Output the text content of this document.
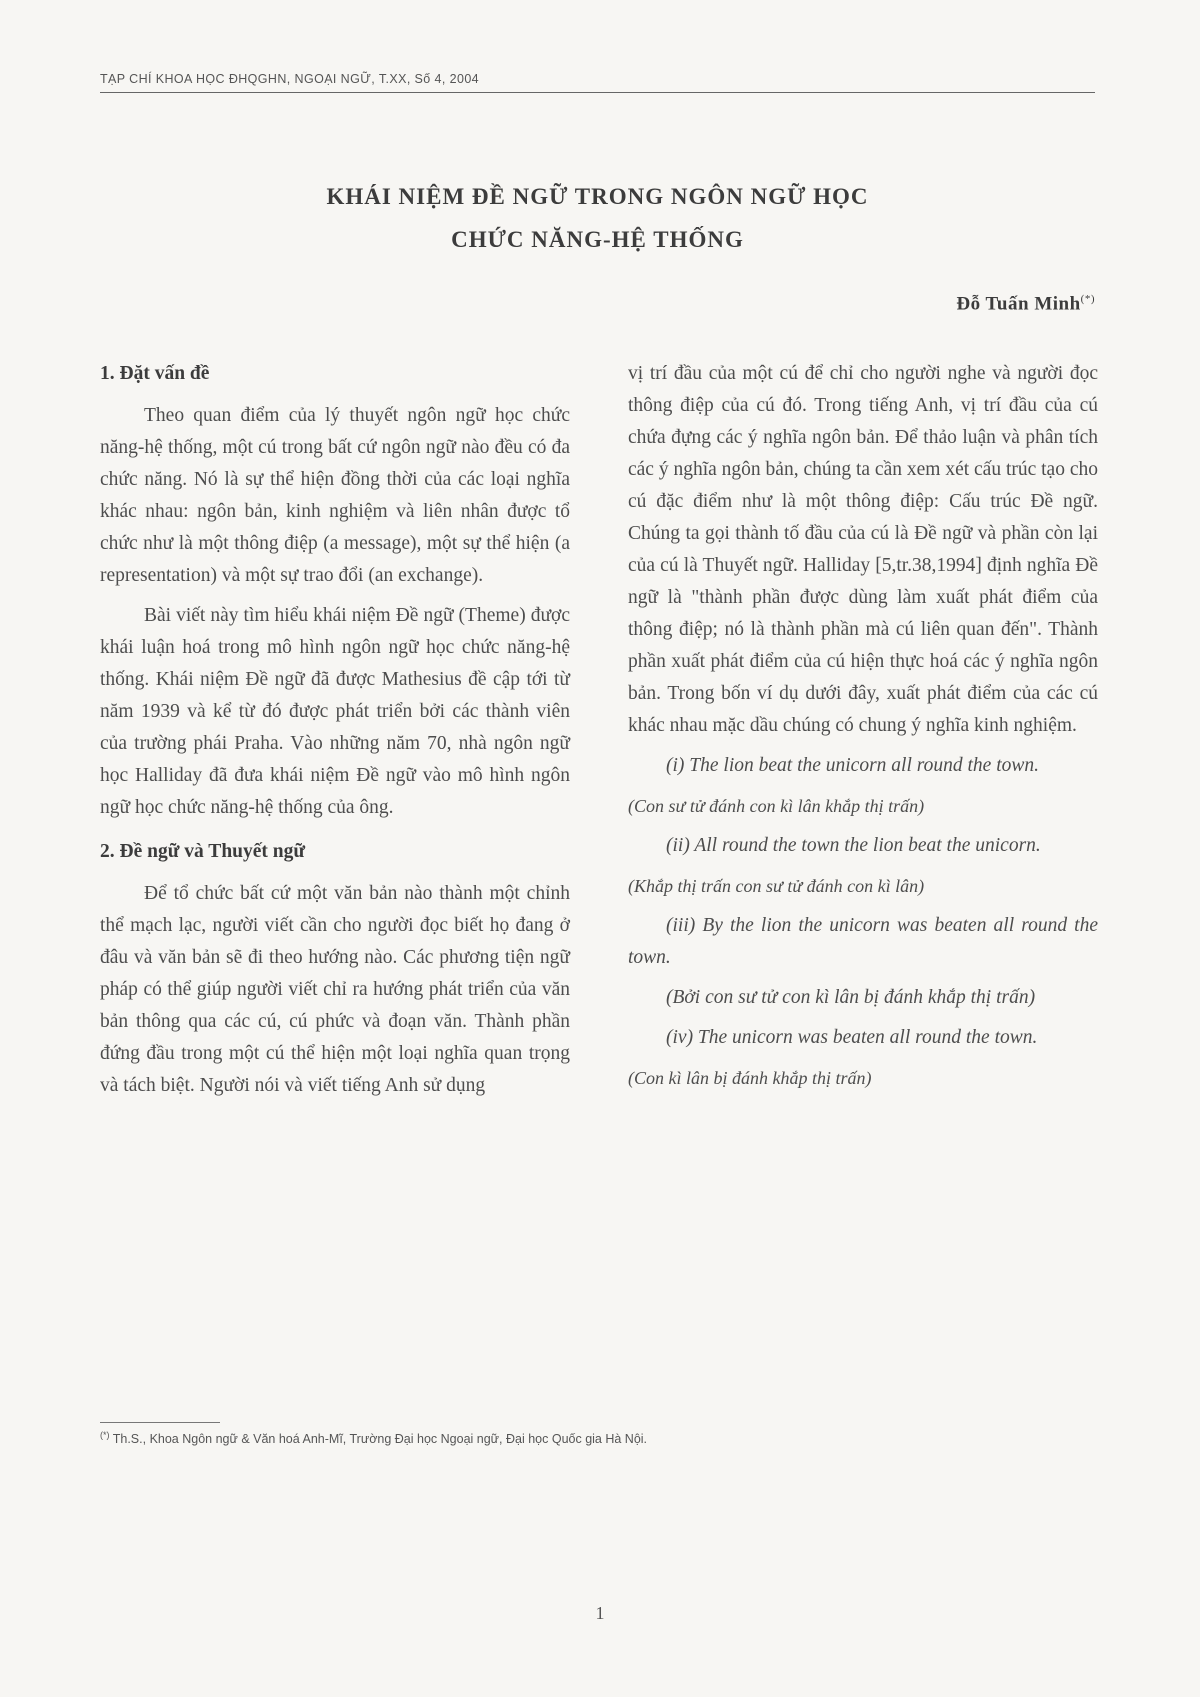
TẠP CHÍ KHOA HỌC ĐHQGHN, NGOẠI NGỮ, T.XX, Số 4, 2004
KHÁI NIỆM ĐỀ NGỮ TRONG NGÔN NGỮ HỌC
CHỨC NĂNG-HỆ THỐNG
Đỗ Tuấn Minh(*)
1. Đặt vấn đề

Theo quan điểm của lý thuyết ngôn ngữ học chức năng-hệ thống, một cú trong bất cứ ngôn ngữ nào đều có đa chức năng. Nó là sự thể hiện đồng thời của các loại nghĩa khác nhau: ngôn bản, kinh nghiệm và liên nhân được tổ chức như là một thông điệp (a message), một sự thể hiện (a representation) và một sự trao đổi (an exchange).

Bài viết này tìm hiểu khái niệm Đề ngữ (Theme) được khái luận hoá trong mô hình ngôn ngữ học chức năng-hệ thống. Khái niệm Đề ngữ đã được Mathesius đề cập tới từ năm 1939 và kể từ đó được phát triển bởi các thành viên của trường phái Praha. Vào những năm 70, nhà ngôn ngữ học Halliday đã đưa khái niệm Đề ngữ vào mô hình ngôn ngữ học chức năng-hệ thống của ông.

2. Đề ngữ và Thuyết ngữ

Để tổ chức bất cứ một văn bản nào thành một chỉnh thể mạch lạc, người viết cần cho người đọc biết họ đang ở đâu và văn bản sẽ đi theo hướng nào. Các phương tiện ngữ pháp có thể giúp người viết chỉ ra hướng phát triển của văn bản thông qua các cú, cú phức và đoạn văn. Thành phần đứng đầu trong một cú thể hiện một loại nghĩa quan trọng và tách biệt. Người nói và viết tiếng Anh sử dụng

vị trí đầu của một cú để chỉ cho người nghe và người đọc thông điệp của cú đó. Trong tiếng Anh, vị trí đầu của cú chứa đựng các ý nghĩa ngôn bản. Để thảo luận và phân tích các ý nghĩa ngôn bản, chúng ta cần xem xét cấu trúc tạo cho cú đặc điểm như là một thông điệp: Cấu trúc Đề ngữ. Chúng ta gọi thành tố đầu của cú là Đề ngữ và phần còn lại của cú là Thuyết ngữ. Halliday [5,tr.38,1994] định nghĩa Đề ngữ là "thành phần được dùng làm xuất phát điểm của thông điệp; nó là thành phần mà cú liên quan đến". Thành phần xuất phát điểm của cú hiện thực hoá các ý nghĩa ngôn bản. Trong bốn ví dụ dưới đây, xuất phát điểm của các cú khác nhau mặc dầu chúng có chung ý nghĩa kinh nghiệm.

(i) The lion beat the unicorn all round the town.

(Con sư tử đánh con kì lân khắp thị trấn)

(ii) All round the town the lion beat the unicorn.

(Khắp thị trấn con sư tử đánh con kì lân)

(iii) By the lion the unicorn was beaten all round the town.

(Bởi con sư tử con kì lân bị đánh khắp thị trấn)

(iv) The unicorn was beaten all round the town.

(Con kì lân bị đánh khắp thị trấn)

(*) Th.S., Khoa Ngôn ngữ & Văn hoá Anh-Mĩ, Trường Đại học Ngoại ngữ, Đại học Quốc gia Hà Nội.
1
